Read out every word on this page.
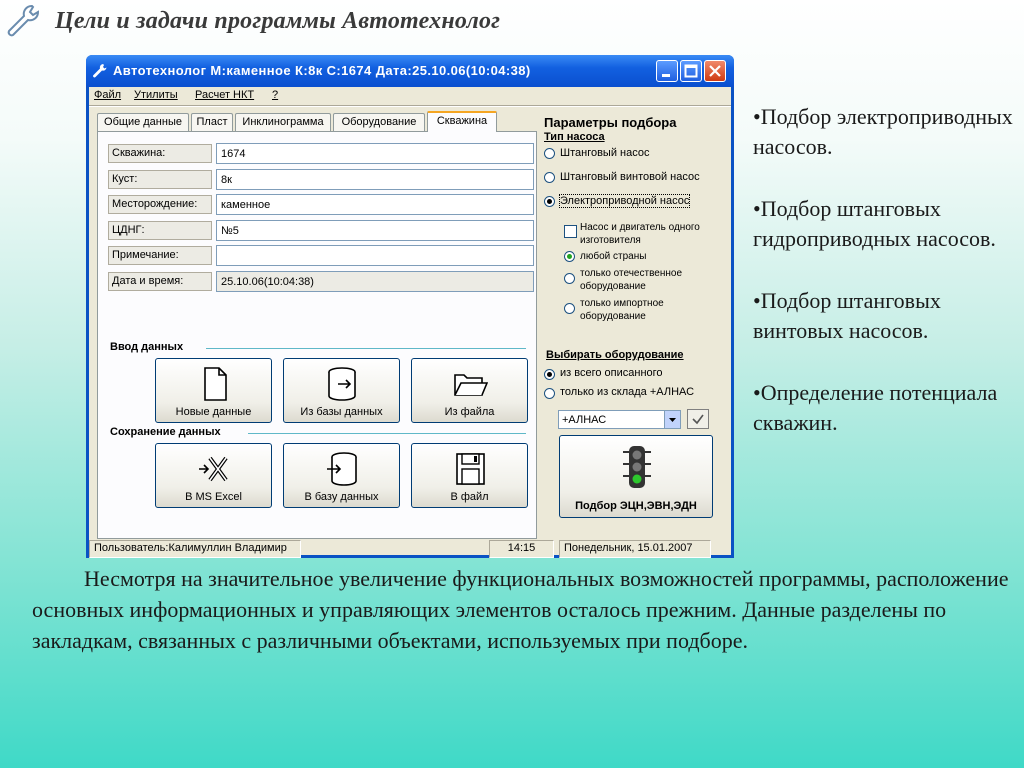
Цели и задачи программы Автотехнолог
Автотехнолог М:каменное К:8к С:1674 Дата:25.10.06(10:04:38)
Файл Утилиты Расчет НКТ ?
Общие данные	Пласт	Инклинограмма	Оборудование	Скважина
Скважина:
1674
Куст:
8к
Месторождение:
каменное
ЦДНГ:
№5
Примечание:
Дата и время:
25.10.06(10:04:38)
Ввод данных
Новые данные	Из базы данных	Из файла
Сохранение данных
В MS Excel	В базу данных	В файл
Параметры подбора
Тип насоса
Штанговый насос
Штанговый винтовой насос
Электроприводной насос
Насос и двигатель одного изготовителя
любой страны
только отечественное оборудование
только импортное оборудование
Выбирать оборудование
из всего описанного
только из склада +АЛНАС
+АЛНАС
Подбор ЭЦН,ЭВН,ЭДН
Пользователь:Калимуллин Владимир	14:15	Понедельник, 15.01.2007

•Подбор электроприводных насосов.

•Подбор штанговых гидроприводных насосов.

•Подбор штанговых винтовых насосов.

•Определение потенциала скважин.

Несмотря на значительное увеличение функциональных возможностей программы, расположение основных информационных и управляющих элементов осталось прежним. Данные разделены по закладкам, связанных с различными объектами, используемых при подборе.
